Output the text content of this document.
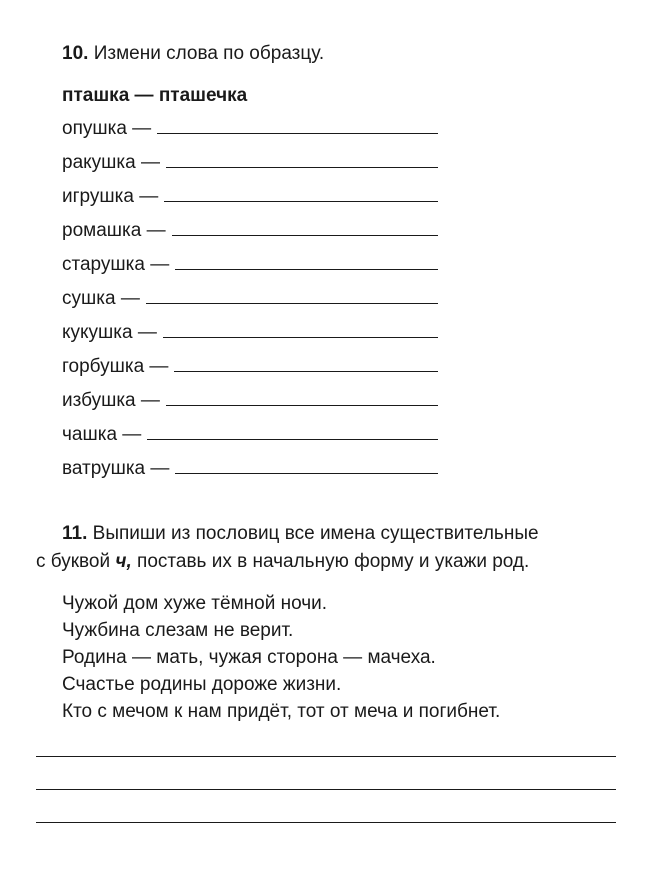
10. Измени слова по образцу.
пташка — пташечка
опушка —
ракушка —
игрушка —
ромашка —
старушка —
сушка —
кукушка —
горбушка —
избушка —
чашка —
ватрушка —
11. Выпиши из пословиц все имена существительные
с буквой ч, поставь их в начальную форму и укажи род.
Чужой дом хуже тёмной ночи.
Чужбина слезам не верит.
Родина — мать, чужая сторона — мачеха.
Счастье родины дороже жизни.
Кто с мечом к нам придёт, тот от меча и погибнет.
